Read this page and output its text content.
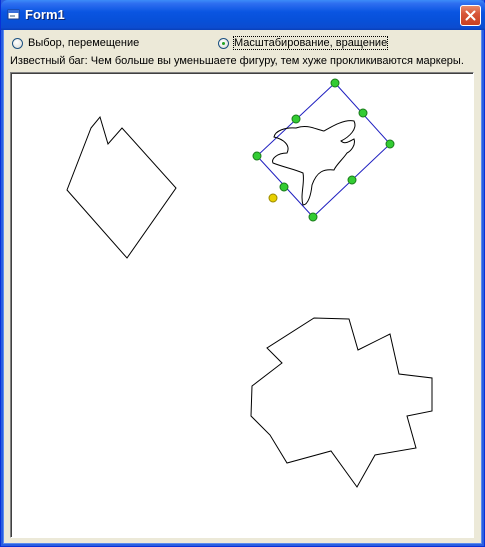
Form1
Выбор, перемещение	Масштабирование, вращение
Известный баг: Чем больше вы уменьшаете фигуру, тем хуже прокликиваются маркеры.
